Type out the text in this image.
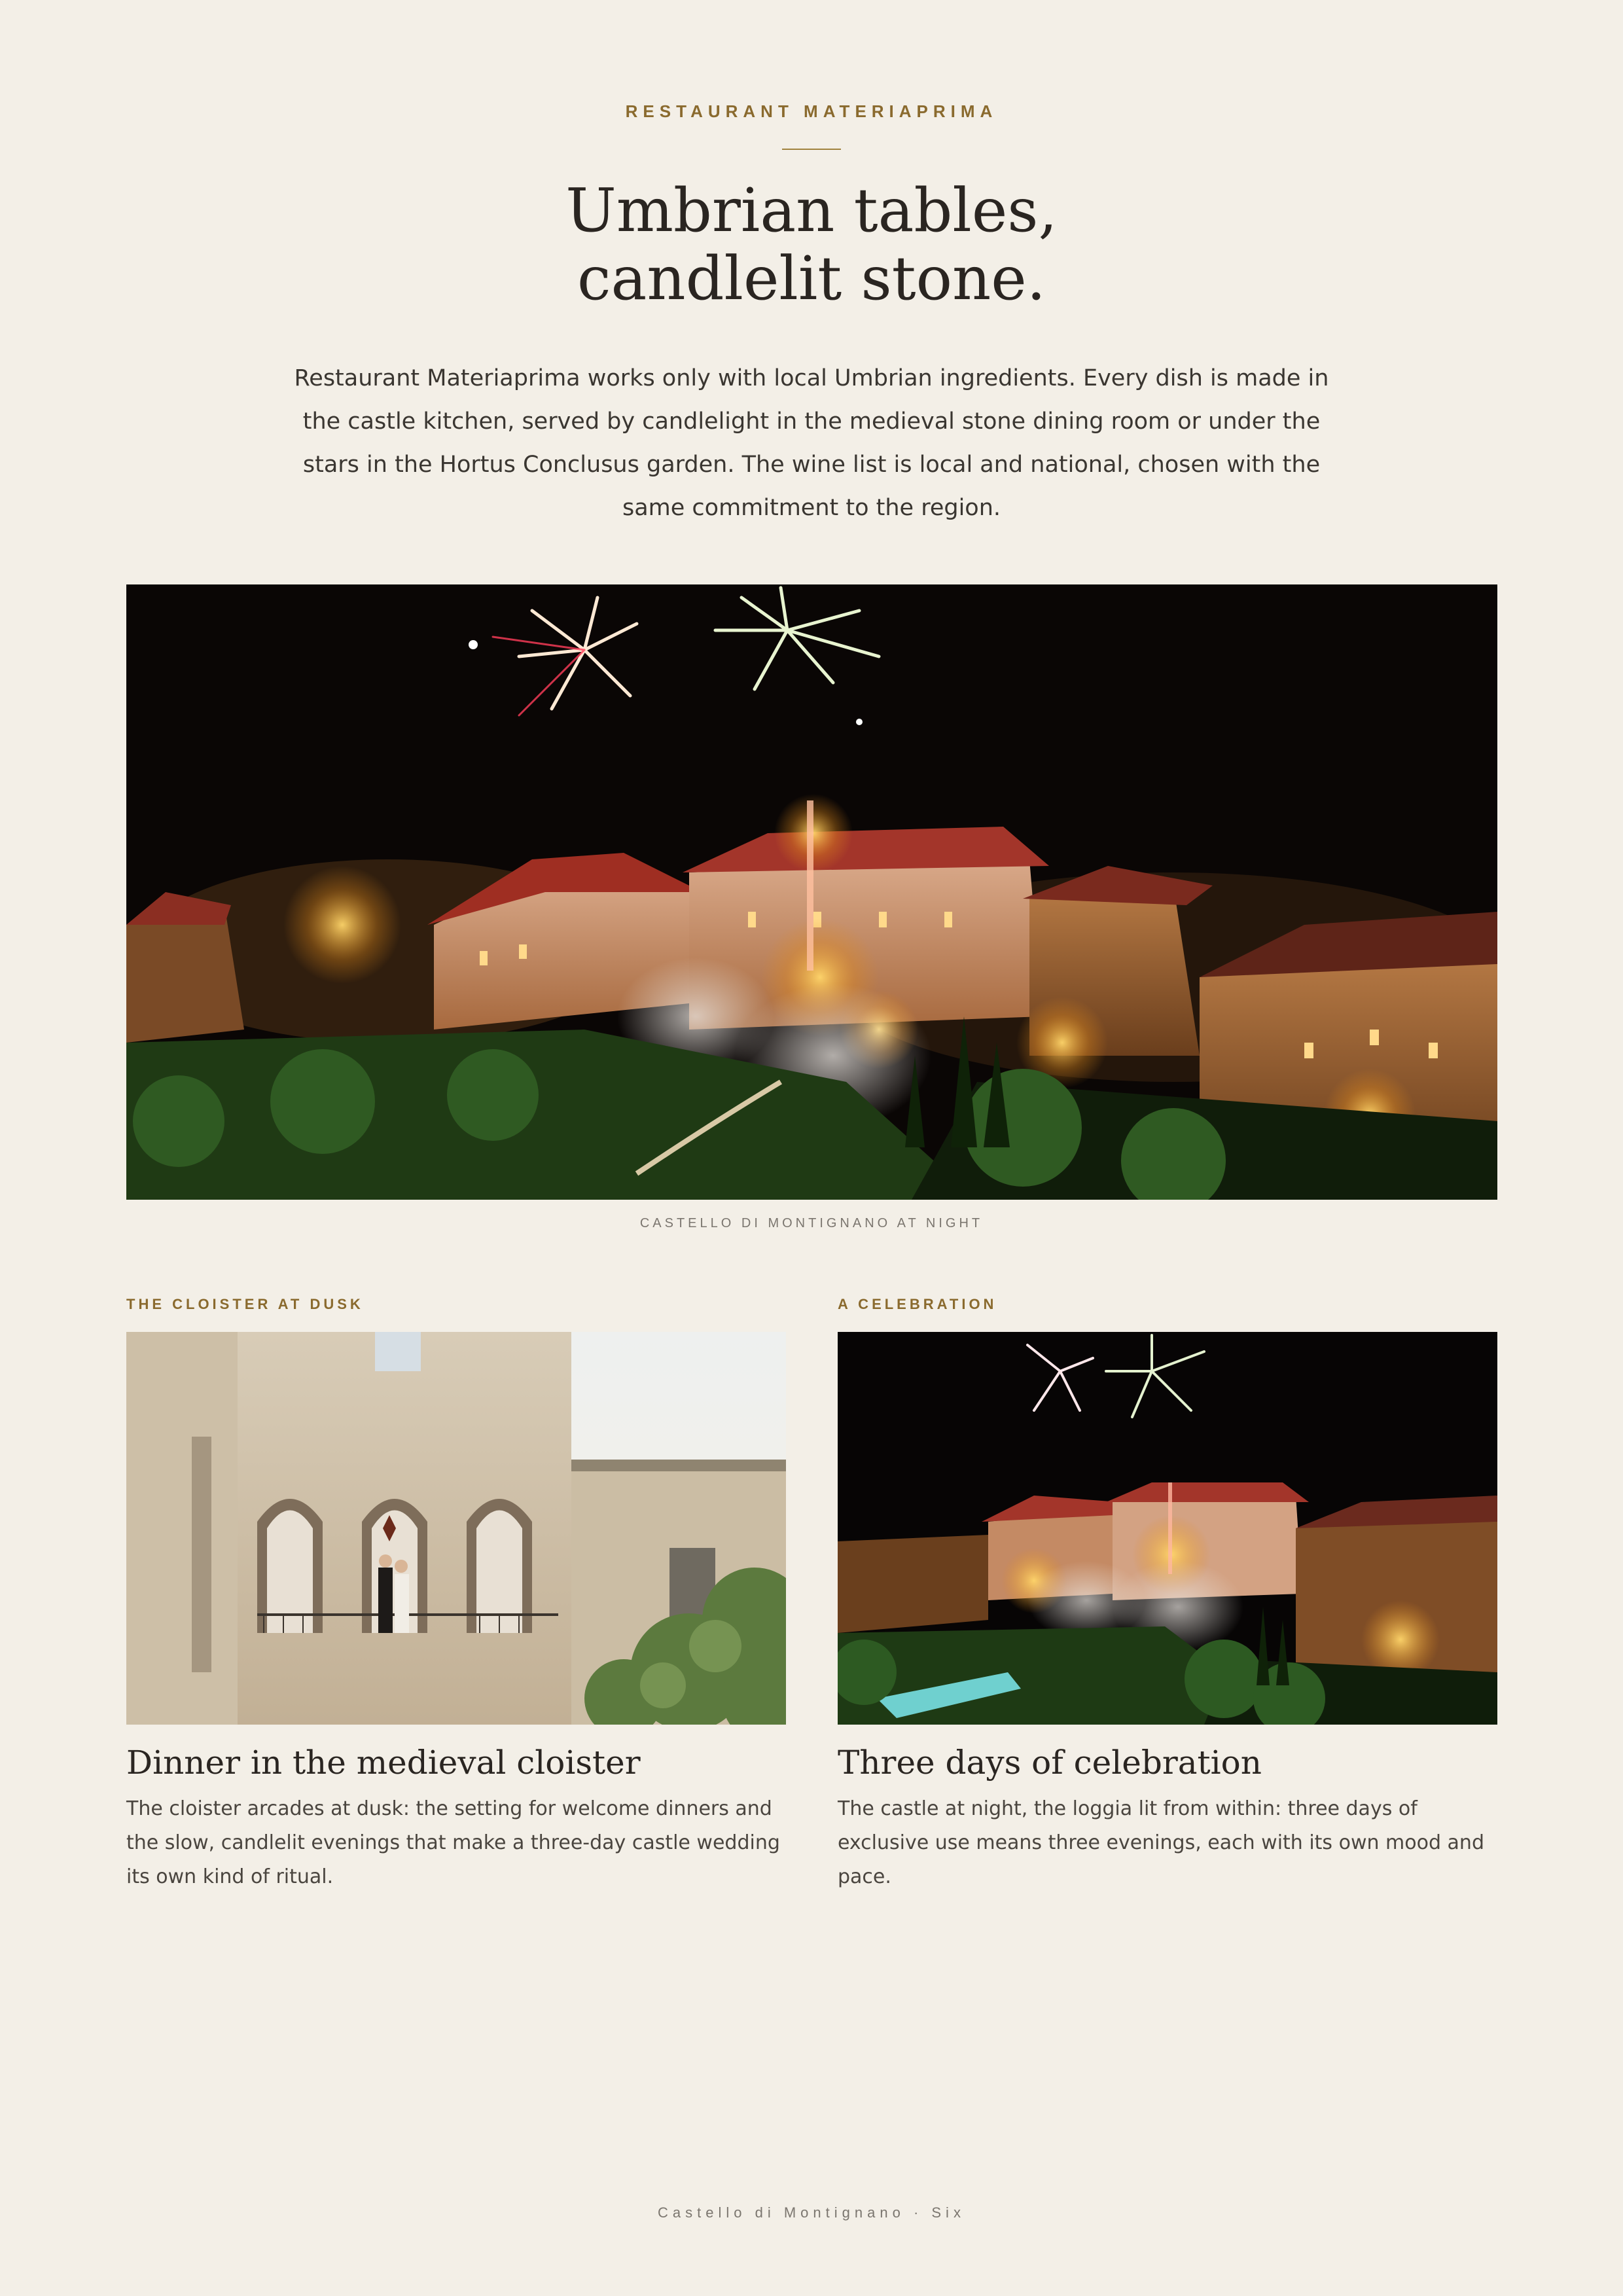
RESTAURANT MATERIAPRIMA
Umbrian tables,
candlelit stone.

Restaurant Materiaprima works only with local Umbrian ingredients. Every dish is made in the castle kitchen, served by candlelight in the medieval stone dining room or under the stars in the Hortus Conclusus garden. The wine list is local and national, chosen with the same commitment to the region.

CASTELLO DI MONTIGNANO AT NIGHT
THE CLOISTER AT DUSK
Dinner in the medieval cloister

The cloister arcades at dusk: the setting for welcome dinners and the slow, candlelit evenings that make a three-day castle wedding its own kind of ritual.

A CELEBRATION
Three days of celebration

The castle at night, the loggia lit from within: three days of exclusive use means three evenings, each with its own mood and pace.

Castello di Montignano · Six
